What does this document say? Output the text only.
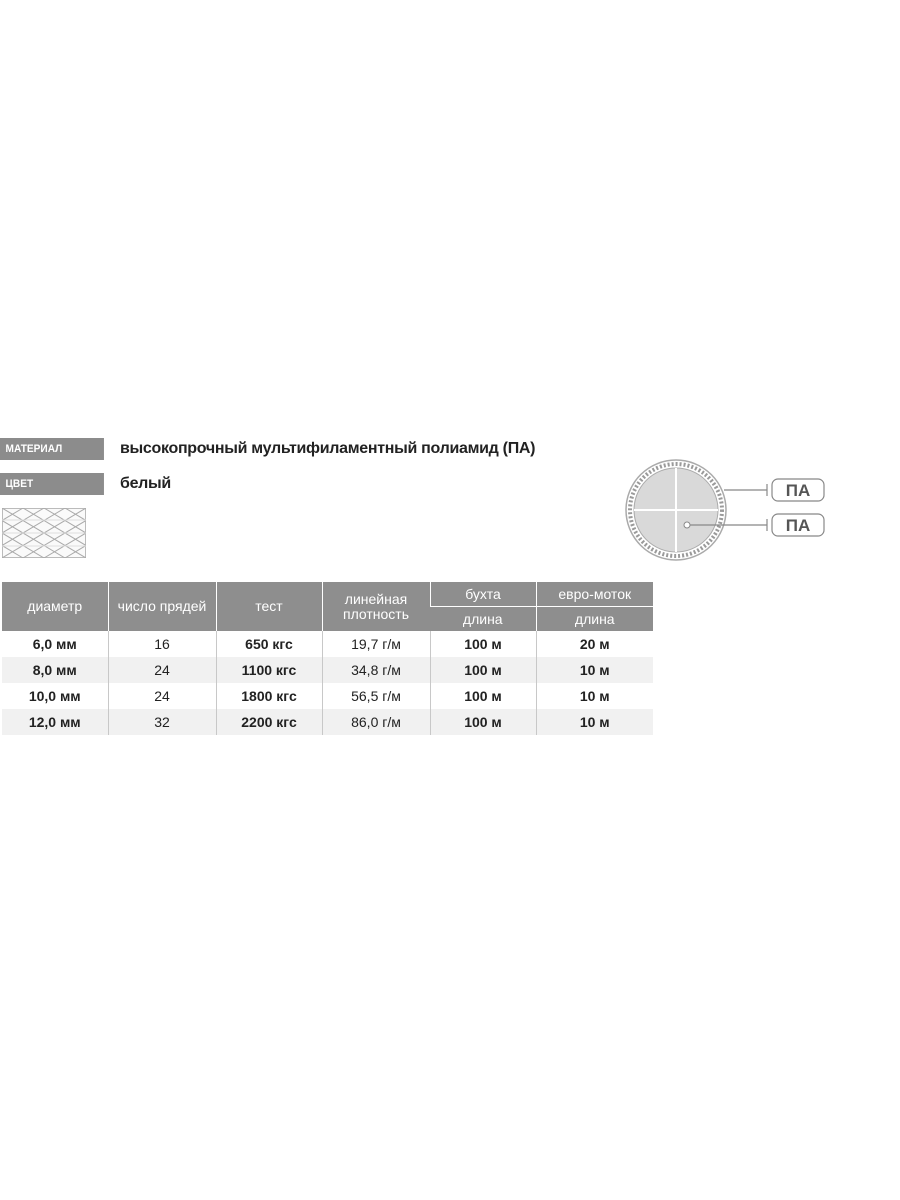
МАТЕРИАЛ	высокопрочный мультифиламентный полиамид (ПА)
ЦВЕТ	белый	ПА
ПА
диаметр	число прядей	тест	линейная плотность	бухта	евро-моток
				длина	длина
6,0 мм	16	650 кгс	19,7 г/м	100 м	20 м
8,0 мм	24	1100 кгс	34,8 г/м	100 м	10 м
10,0 мм	24	1800 кгс	56,5 г/м	100 м	10 м
12,0 мм	32	2200 кгс	86,0 г/м	100 м	10 м
